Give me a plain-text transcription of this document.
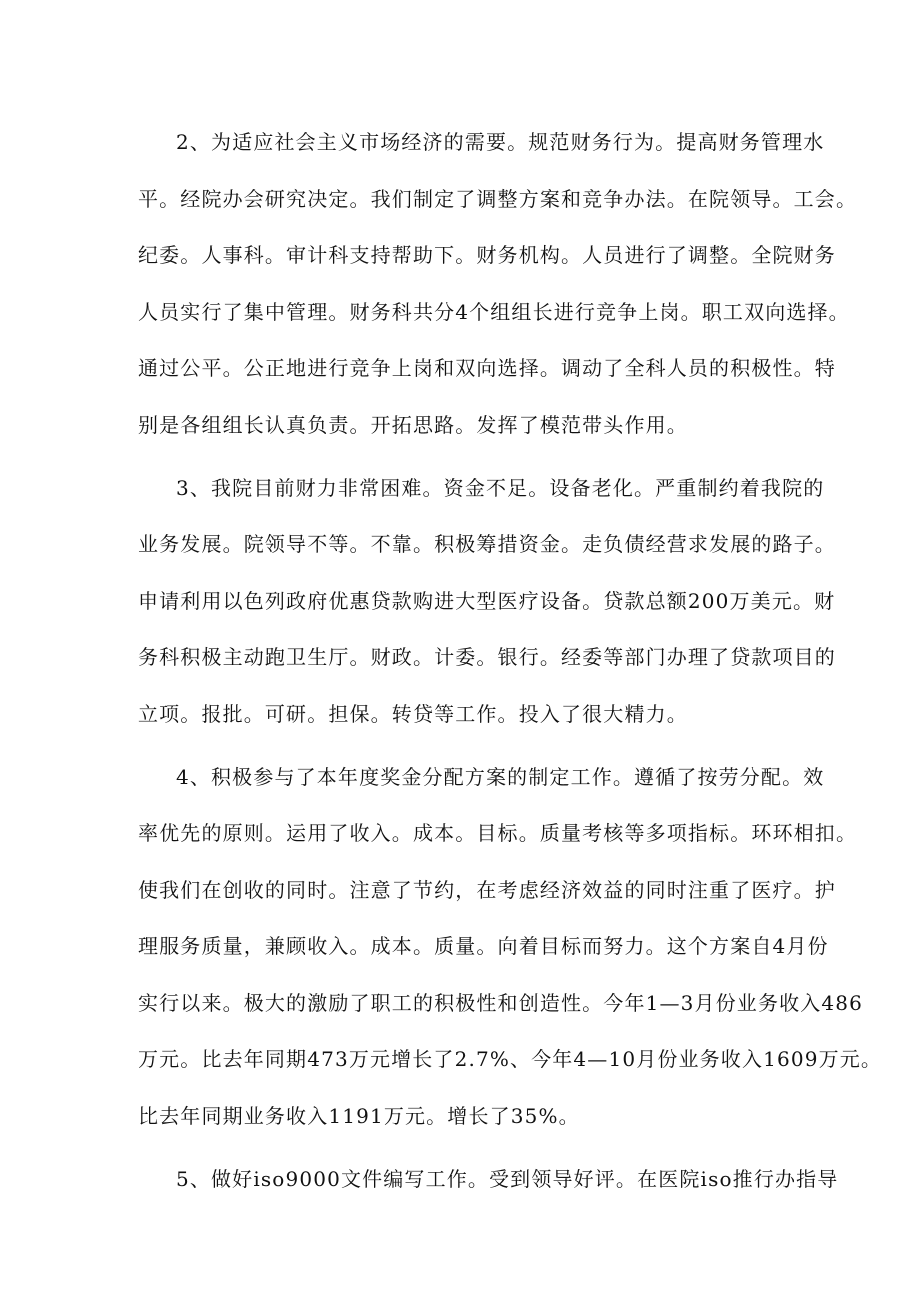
2、为适应社会主义市场经济的需要。规范财务行为。提高财务管理水
平。经院办会研究决定。我们制定了调整方案和竞争办法。在院领导。工会。
纪委。人事科。审计科支持帮助下。财务机构。人员进行了调整。全院财务
人员实行了集中管理。财务科共分4个组组长进行竞争上岗。职工双向选择。
通过公平。公正地进行竞争上岗和双向选择。调动了全科人员的积极性。特
别是各组组长认真负责。开拓思路。发挥了模范带头作用。
3、我院目前财力非常困难。资金不足。设备老化。严重制约着我院的
业务发展。院领导不等。不靠。积极筹措资金。走负债经营求发展的路子。
申请利用以色列政府优惠贷款购进大型医疗设备。贷款总额200万美元。财
务科积极主动跑卫生厅。财政。计委。银行。经委等部门办理了贷款项目的
立项。报批。可研。担保。转贷等工作。投入了很大精力。
4、积极参与了本年度奖金分配方案的制定工作。遵循了按劳分配。效
率优先的原则。运用了收入。成本。目标。质量考核等多项指标。环环相扣。
使我们在创收的同时。注意了节约，在考虑经济效益的同时注重了医疗。护
理服务质量，兼顾收入。成本。质量。向着目标而努力。这个方案自4月份
实行以来。极大的激励了职工的积极性和创造性。今年1—3月份业务收入486
万元。比去年同期473万元增长了2.7%、今年4—10月份业务收入1609万元。
比去年同期业务收入1191万元。增长了35%。
5、做好iso9000文件编写工作。受到领导好评。在医院iso推行办指导
